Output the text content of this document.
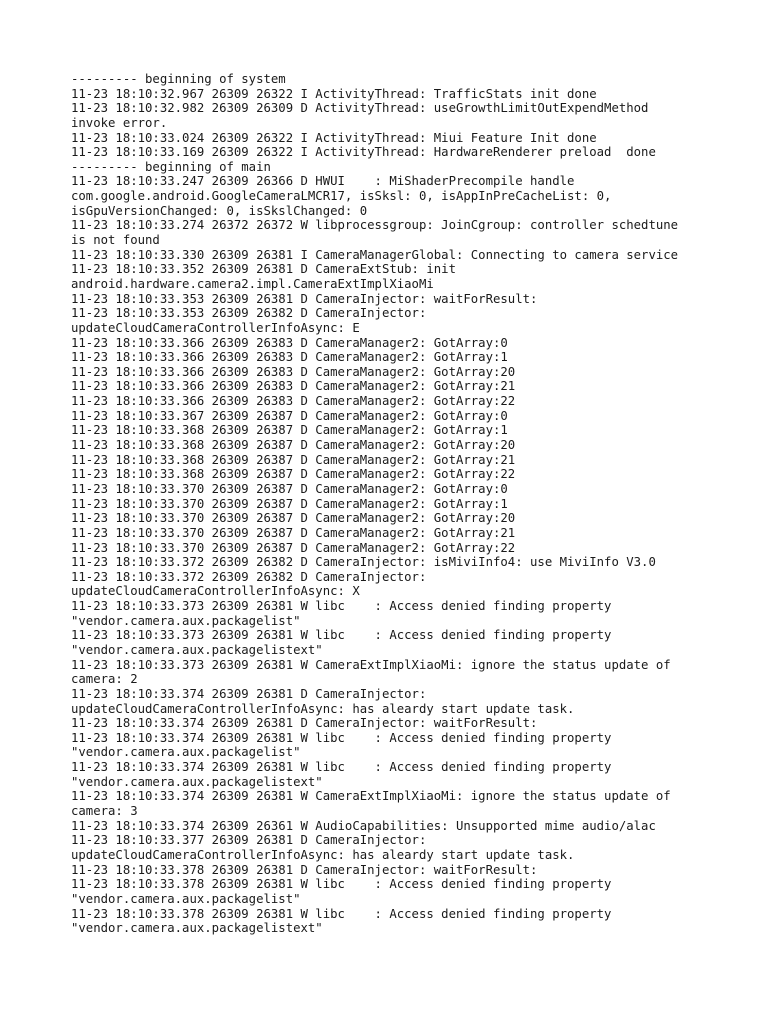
--------- beginning of system
11-23 18:10:32.967 26309 26322 I ActivityThread: TrafficStats init done
11-23 18:10:32.982 26309 26309 D ActivityThread: useGrowthLimitOutExpendMethod
invoke error.
11-23 18:10:33.024 26309 26322 I ActivityThread: Miui Feature Init done
11-23 18:10:33.169 26309 26322 I ActivityThread: HardwareRenderer preload  done
--------- beginning of main
11-23 18:10:33.247 26309 26366 D HWUI    : MiShaderPrecompile handle
com.google.android.GoogleCameraLMCR17, isSksl: 0, isAppInPreCacheList: 0,
isGpuVersionChanged: 0, isSkslChanged: 0
11-23 18:10:33.274 26372 26372 W libprocessgroup: JoinCgroup: controller schedtune
is not found
11-23 18:10:33.330 26309 26381 I CameraManagerGlobal: Connecting to camera service
11-23 18:10:33.352 26309 26381 D CameraExtStub: init
android.hardware.camera2.impl.CameraExtImplXiaoMi
11-23 18:10:33.353 26309 26381 D CameraInjector: waitForResult:
11-23 18:10:33.353 26309 26382 D CameraInjector:
updateCloudCameraControllerInfoAsync: E
11-23 18:10:33.366 26309 26383 D CameraManager2: GotArray:0
11-23 18:10:33.366 26309 26383 D CameraManager2: GotArray:1
11-23 18:10:33.366 26309 26383 D CameraManager2: GotArray:20
11-23 18:10:33.366 26309 26383 D CameraManager2: GotArray:21
11-23 18:10:33.366 26309 26383 D CameraManager2: GotArray:22
11-23 18:10:33.367 26309 26387 D CameraManager2: GotArray:0
11-23 18:10:33.368 26309 26387 D CameraManager2: GotArray:1
11-23 18:10:33.368 26309 26387 D CameraManager2: GotArray:20
11-23 18:10:33.368 26309 26387 D CameraManager2: GotArray:21
11-23 18:10:33.368 26309 26387 D CameraManager2: GotArray:22
11-23 18:10:33.370 26309 26387 D CameraManager2: GotArray:0
11-23 18:10:33.370 26309 26387 D CameraManager2: GotArray:1
11-23 18:10:33.370 26309 26387 D CameraManager2: GotArray:20
11-23 18:10:33.370 26309 26387 D CameraManager2: GotArray:21
11-23 18:10:33.370 26309 26387 D CameraManager2: GotArray:22
11-23 18:10:33.372 26309 26382 D CameraInjector: isMiviInfo4: use MiviInfo V3.0
11-23 18:10:33.372 26309 26382 D CameraInjector:
updateCloudCameraControllerInfoAsync: X
11-23 18:10:33.373 26309 26381 W libc    : Access denied finding property
"vendor.camera.aux.packagelist"
11-23 18:10:33.373 26309 26381 W libc    : Access denied finding property
"vendor.camera.aux.packagelistext"
11-23 18:10:33.373 26309 26381 W CameraExtImplXiaoMi: ignore the status update of
camera: 2
11-23 18:10:33.374 26309 26381 D CameraInjector:
updateCloudCameraControllerInfoAsync: has aleardy start update task.
11-23 18:10:33.374 26309 26381 D CameraInjector: waitForResult:
11-23 18:10:33.374 26309 26381 W libc    : Access denied finding property
"vendor.camera.aux.packagelist"
11-23 18:10:33.374 26309 26381 W libc    : Access denied finding property
"vendor.camera.aux.packagelistext"
11-23 18:10:33.374 26309 26381 W CameraExtImplXiaoMi: ignore the status update of
camera: 3
11-23 18:10:33.374 26309 26361 W AudioCapabilities: Unsupported mime audio/alac
11-23 18:10:33.377 26309 26381 D CameraInjector:
updateCloudCameraControllerInfoAsync: has aleardy start update task.
11-23 18:10:33.378 26309 26381 D CameraInjector: waitForResult:
11-23 18:10:33.378 26309 26381 W libc    : Access denied finding property
"vendor.camera.aux.packagelist"
11-23 18:10:33.378 26309 26381 W libc    : Access denied finding property
"vendor.camera.aux.packagelistext"
